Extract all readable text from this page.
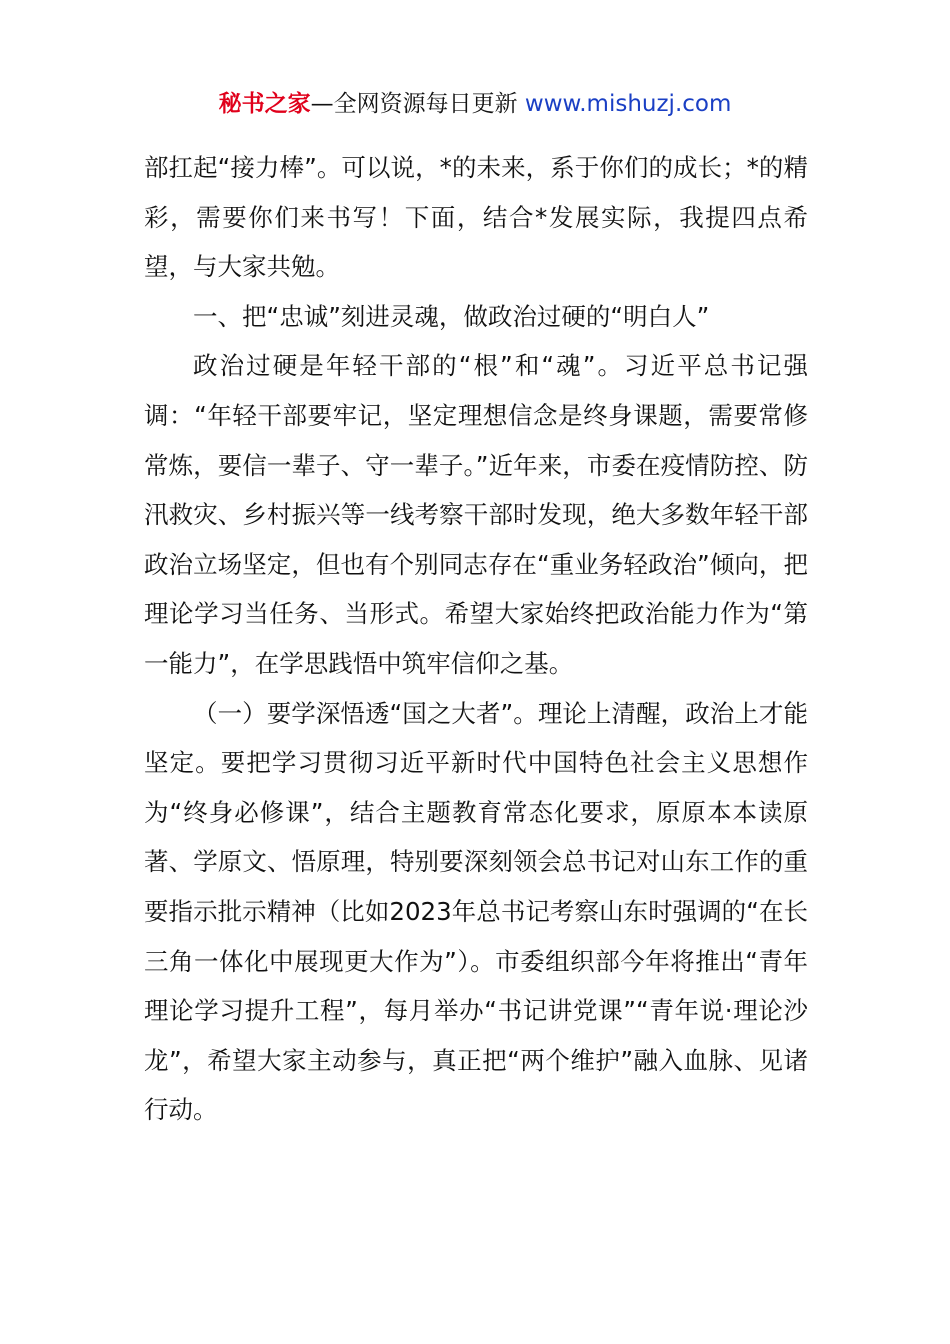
秘书之家—全网资源每日更新 www.mishuzj.com

部扛起“接力棒”。可以说，*的未来，系于你们的成长；*的精彩，需要你们来书写！下面，结合*发展实际，我提四点希望，与大家共勉。

一、把“忠诚”刻进灵魂，做政治过硬的“明白人”

政治过硬是年轻干部的“根”和“魂”。习近平总书记强调：“年轻干部要牢记，坚定理想信念是终身课题，需要常修常炼，要信一辈子、守一辈子。”近年来，市委在疫情防控、防汛救灾、乡村振兴等一线考察干部时发现，绝大多数年轻干部政治立场坚定，但也有个别同志存在“重业务轻政治”倾向，把理论学习当任务、当形式。希望大家始终把政治能力作为“第一能力”，在学思践悟中筑牢信仰之基。

（一）要学深悟透“国之大者”。理论上清醒，政治上才能坚定。要把学习贯彻习近平新时代中国特色社会主义思想作为“终身必修课”，结合主题教育常态化要求，原原本本读原著、学原文、悟原理，特别要深刻领会总书记对山东工作的重要指示批示精神（比如2023年总书记考察山东时强调的“在长三角一体化中展现更大作为”）。市委组织部今年将推出“青年理论学习提升工程”，每月举办“书记讲党课”“青年说·理论沙龙”，希望大家主动参与，真正把“两个维护”融入血脉、见诸行动。
